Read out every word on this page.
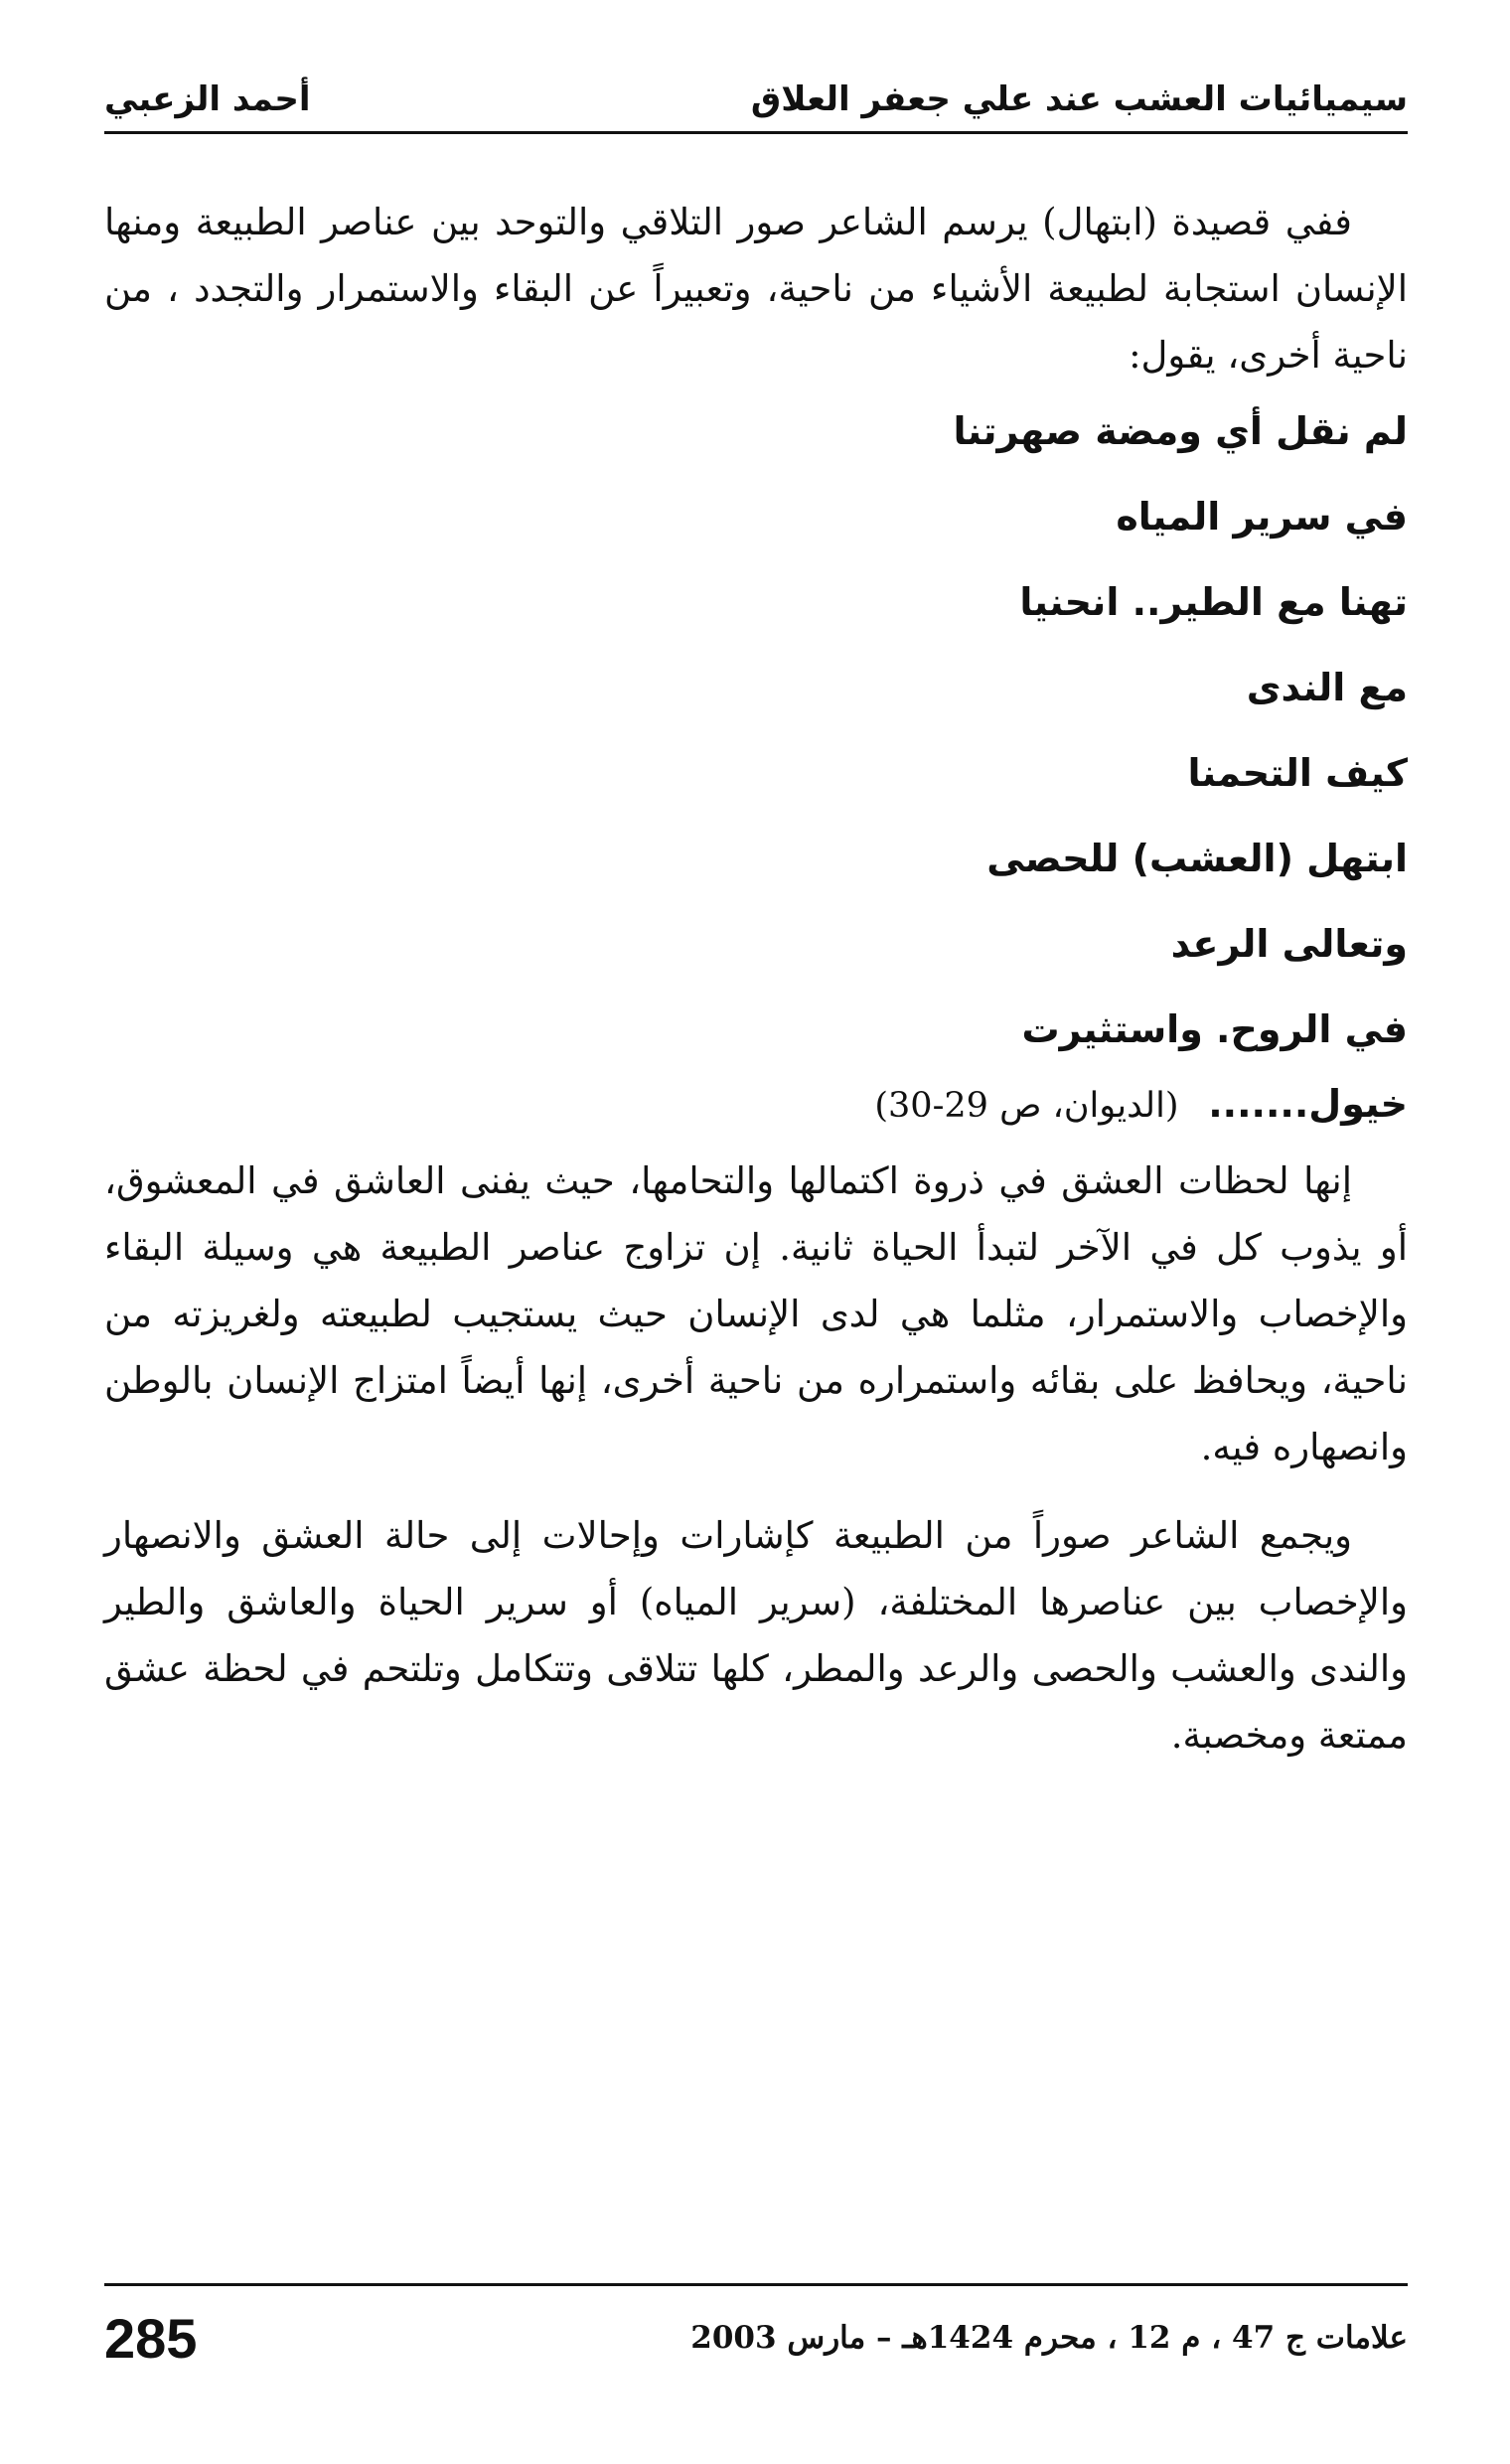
سيميائيات العشب عند علي جعفر العلاق
أحمد الزعبي

ففي قصيدة (ابتهال) يرسم الشاعر صور التلاقي والتوحد بين عناصر الطبيعة ومنها الإنسان استجابة لطبيعة الأشياء من ناحية، وتعبيراً عن البقاء والاستمرار والتجدد ، من ناحية أخرى، يقول:

لم نقل أي ومضة صهرتنا

في سرير المياه

تهنا مع الطير.. انحنيا

مع الندى

كيف التحمنا

ابتهل (العشب) للحصى

وتعالى الرعد

في الروح. واستثيرت

خيول....... (الديوان، ص 29-30)

إنها لحظات العشق في ذروة اكتمالها والتحامها، حيث يفنى العاشق في المعشوق، أو يذوب كل في الآخر لتبدأ الحياة ثانية. إن تزاوج عناصر الطبيعة هي وسيلة البقاء والإخصاب والاستمرار، مثلما هي لدى الإنسان حيث يستجيب لطبيعته ولغريزته من ناحية، ويحافظ على بقائه واستمراره من ناحية أخرى، إنها أيضاً امتزاج الإنسان بالوطن وانصهاره فيه.

ويجمع الشاعر صوراً من الطبيعة كإشارات وإحالات إلى حالة العشق والانصهار والإخصاب بين عناصرها المختلفة، (سرير المياه) أو سرير الحياة والعاشق والطير والندى والعشب والحصى والرعد والمطر، كلها تتلاقى وتتكامل وتلتحم في لحظة عشق ممتعة ومخصبة.

علامات ج 47 ، م 12 ، محرم 1424هـ – مارس 2003
285
